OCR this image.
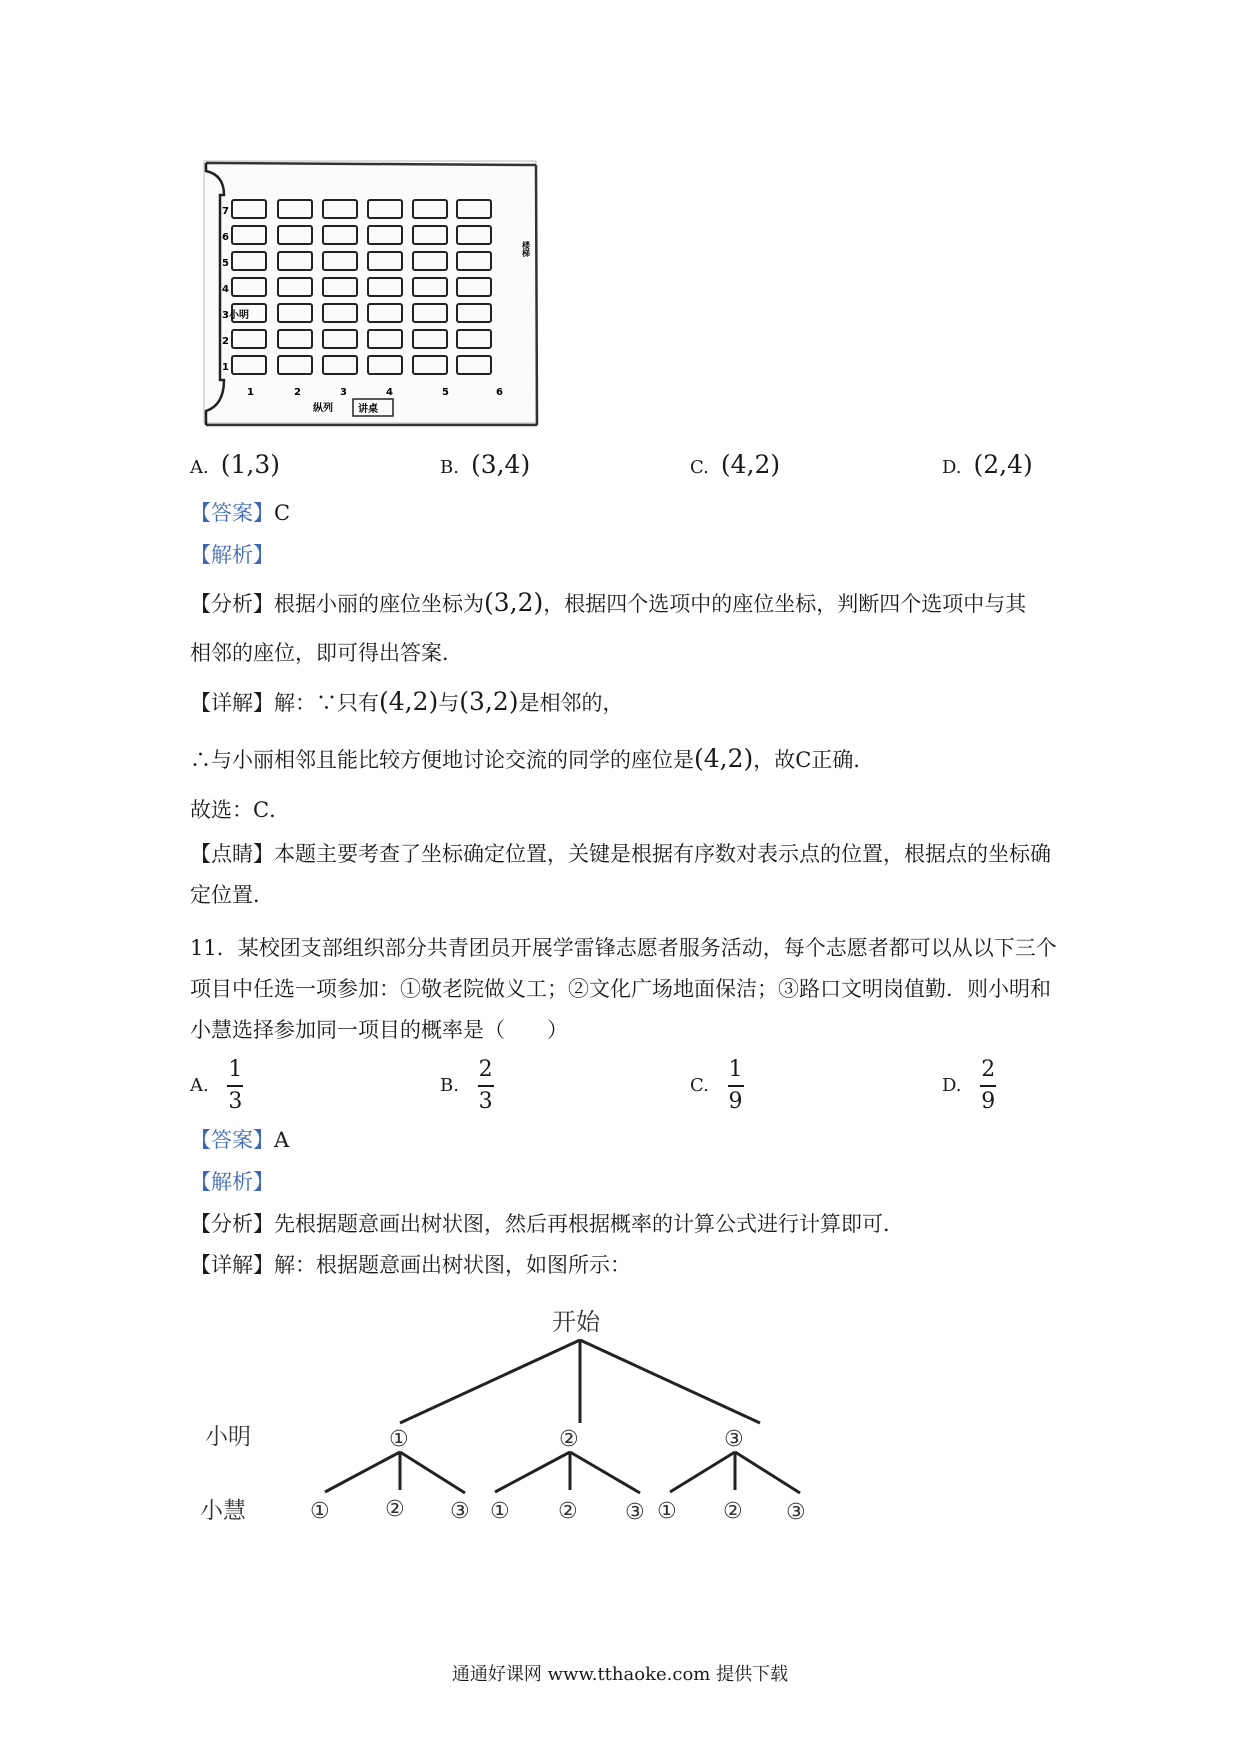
7
6
5
4
3
2
1
1	2	3	4	5	6
小明
纵列	讲桌
楼梯
A. (1,3)	B. (3,4)	C. (4,2)	D. (2,4)
【答案】C
【解析】
【分析】根据小丽的座位坐标为(3,2)，根据四个选项中的座位坐标，判断四个选项中与其
相邻的座位，即可得出答案．
【详解】解：∵只有(4,2)与(3,2)是相邻的，
∴与小丽相邻且能比较方便地讨论交流的同学的座位是(4,2)，故C正确．
故选：C．
【点睛】本题主要考查了坐标确定位置，关键是根据有序数对表示点的位置，根据点的坐标确定位置．
11．某校团支部组织部分共青团员开展学雷锋志愿者服务活动，每个志愿者都可以从以下三个项目中任选一项参加：①敬老院做义工；②文化广场地面保洁；③路口文明岗值勤．则小明和小慧选择参加同一项目的概率是（　　）
A. $\frac{1}{3}$	B. $\frac{2}{3}$	C. $\frac{1}{9}$	D. $\frac{2}{9}$
【答案】A
【解析】
【分析】先根据题意画出树状图，然后再根据概率的计算公式进行计算即可．
【详解】解：根据题意画出树状图，如图所示：
开始
小明
小慧
①	②	③
①	② ③ ① ② ③ ① ② ③
通通好课网 www.tthaoke.com 提供下载
